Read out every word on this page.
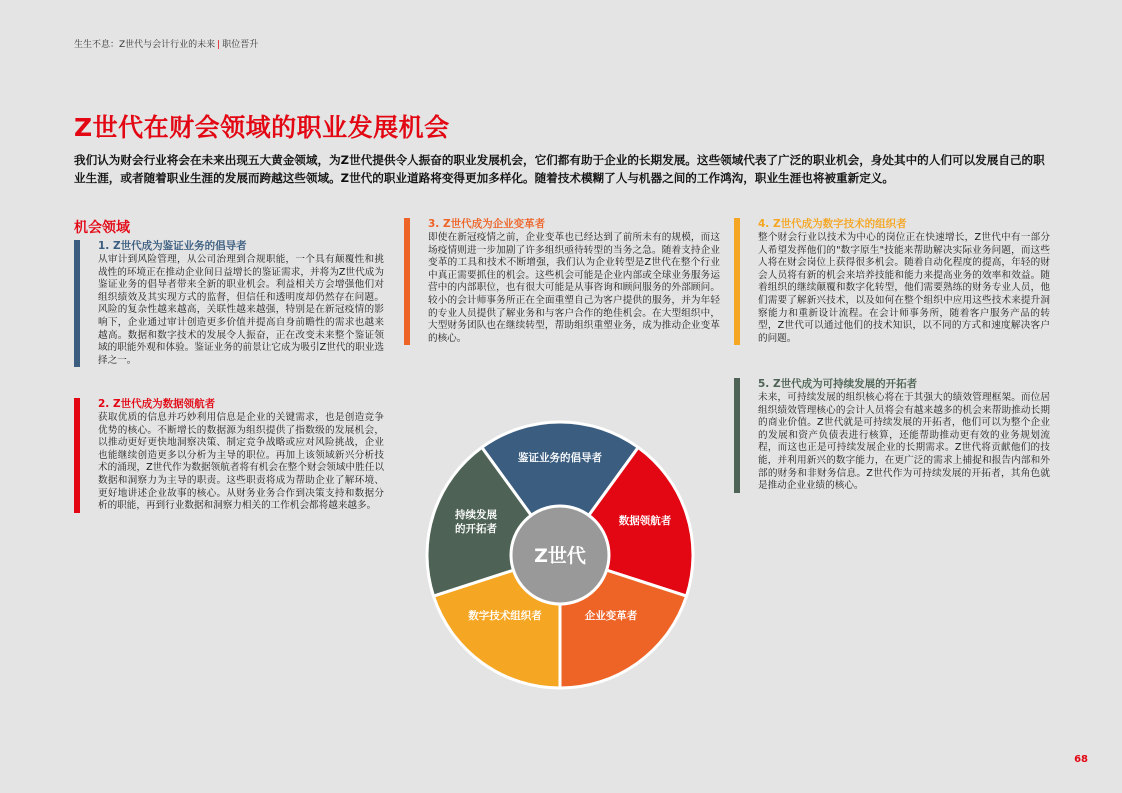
生生不息：Z世代与会计行业的未来 | 职位晋升
Z世代在财会领域的职业发展机会

我们认为财会行业将会在未来出现五大黄金领域，为Z世代提供令人振奋的职业发展机会，它们都有助于企业的长期发展。这些领域代表了广泛的职业机会，身处其中的人们可以发展自己的职业生涯，或者随着职业生涯的发展而跨越这些领域。Z世代的职业道路将变得更加多样化。随着技术模糊了人与机器之间的工作鸿沟，职业生涯也将被重新定义。

机会领域
1. Z世代成为鉴证业务的倡导者

从审计到风险管理，从公司治理到合规职能，一个具有颠覆性和挑战性的环境正在推动企业间日益增长的鉴证需求，并将为Z世代成为鉴证业务的倡导者带来全新的职业机会。利益相关方会增强他们对组织绩效及其实现方式的监督，但信任和透明度却仍然存在问题。风险的复杂性越来越高，关联性越来越强，特别是在新冠疫情的影响下，企业通过审计创造更多价值并提高自身前瞻性的需求也越来越高。数据和数字技术的发展令人振奋，正在改变未来整个鉴证领域的职能外观和体验。鉴证业务的前景让它成为吸引Z世代的职业选择之一。

2. Z世代成为数据领航者

获取优质的信息并巧妙利用信息是企业的关键需求，也是创造竞争优势的核心。不断增长的数据源为组织提供了指数级的发展机会，以推动更好更快地洞察决策、制定竞争战略或应对风险挑战，企业也能继续创造更多以分析为主导的职位。再加上该领域新兴分析技术的涌现，Z世代作为数据领航者将有机会在整个财会领域中胜任以数据和洞察力为主导的职责。这些职责将成为帮助企业了解环境、更好地讲述企业故事的核心。从财务业务合作到决策支持和数据分析的职能，再到行业数据和洞察力相关的工作机会都将越来越多。

3. Z世代成为企业变革者

即使在新冠疫情之前，企业变革也已经达到了前所未有的规模，而这场疫情则进一步加剧了许多组织亟待转型的当务之急。随着支持企业变革的工具和技术不断增强，我们认为企业转型是Z世代在整个行业中真正需要抓住的机会。这些机会可能是企业内部或全球业务服务运营中的内部职位，也有很大可能是从事咨询和顾问服务的外部顾问。较小的会计师事务所正在全面重塑自己为客户提供的服务，并为年轻的专业人员提供了解业务和与客户合作的绝佳机会。在大型组织中，大型财务团队也在继续转型，帮助组织重塑业务，成为推动企业变革的核心。

4. Z世代成为数字技术的组织者

整个财会行业以技术为中心的岗位正在快速增长，Z世代中有一部分人希望发挥他们的"数字原生"技能来帮助解决实际业务问题，而这些人将在财会岗位上获得很多机会。随着自动化程度的提高，年轻的财会人员将有新的机会来培养技能和能力来提高业务的效率和效益。随着组织的继续颠覆和数字化转型，他们需要熟练的财务专业人员，他们需要了解新兴技术，以及如何在整个组织中应用这些技术来提升洞察能力和重新设计流程。在会计师事务所，随着客户服务产品的转型，Z世代可以通过他们的技术知识，以不同的方式和速度解决客户的问题。

5. Z世代成为可持续发展的开拓者

未来，可持续发展的组织核心将在于其强大的绩效管理框架。而位居组织绩效管理核心的会计人员将会有越来越多的机会来帮助推动长期的商业价值。Z世代就是可持续发展的开拓者，他们可以为整个企业的发展和资产负债表进行核算，还能帮助推动更有效的业务规划流程，而这也正是可持续发展企业的长期需求。Z世代将贡献他们的技能，并利用新兴的数字能力，在更广泛的需求上捕捉和报告内部和外部的财务和非财务信息。Z世代作为可持续发展的开拓者，其角色就是推动企业业绩的核心。

Z世代
鉴证业务的倡导者
数据领航者
企业变革者
数字技术组织者
持续发展
的开拓者
68
